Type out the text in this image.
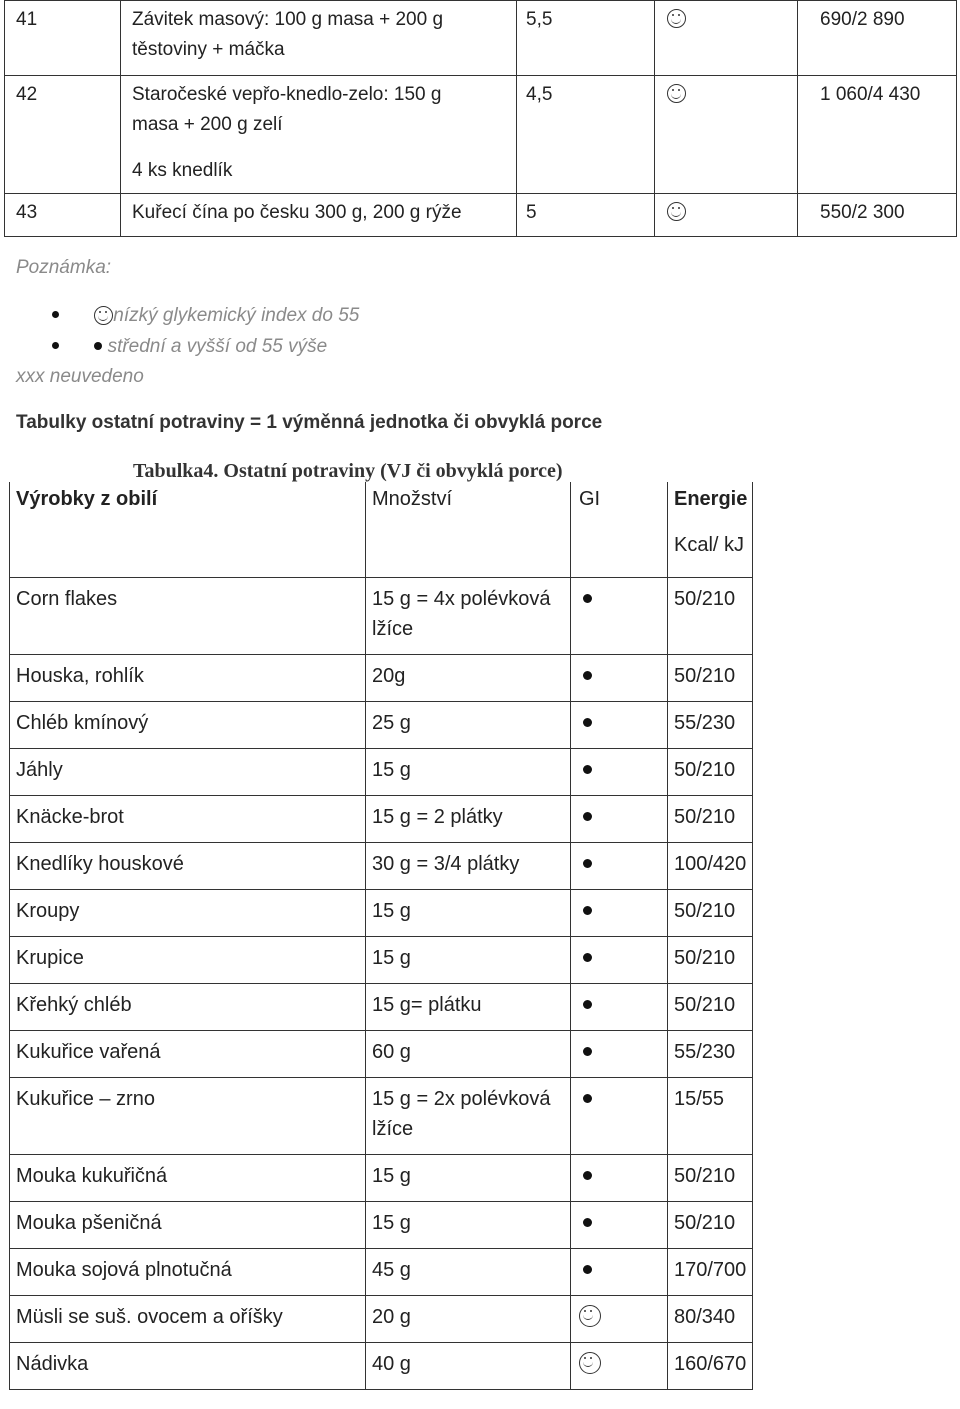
41	Závitek masový: 100 g masa + 200 g
těstoviny + máčka	5,5		690/2 890
42	Staročeské vepřo-knedlo-zelo: 150 g
masa + 200 g zelí
4 ks knedlík	4,5		1 060/4 430
43	Kuřecí čína po česku 300 g, 200 g rýže	5		550/2 300
Poznámka:
nízký glykemický index do 55
střední a vyšší od 55 výše
xxx neuvedeno
Tabulky ostatní potraviny = 1 výměnná jednotka či obvyklá porce
Tabulka4. Ostatní potraviny (VJ či obvyklá porce)
Výrobky z obilí	Množství	GI	Energie
Kcal/ kJ

Corn flakes	15 g = 4x polévková
lžíce		50/210
Houska, rohlík	20g		50/210
Chléb kmínový	25 g		55/230
Jáhly	15 g		50/210
Knäcke-brot	15 g = 2 plátky		50/210
Knedlíky houskové	30 g = 3/4 plátky		100/420
Kroupy	15 g		50/210
Krupice	15 g		50/210
Křehký chléb	15 g= plátku		50/210
Kukuřice vařená	60 g		55/230
Kukuřice – zrno	15 g = 2x polévková
lžíce		15/55
Mouka kukuřičná	15 g		50/210
Mouka pšeničná	15 g		50/210
Mouka sojová plnotučná	45 g		170/700
Müsli se suš. ovocem a oříšky	20 g		80/340
Nádivka	40 g		160/670
